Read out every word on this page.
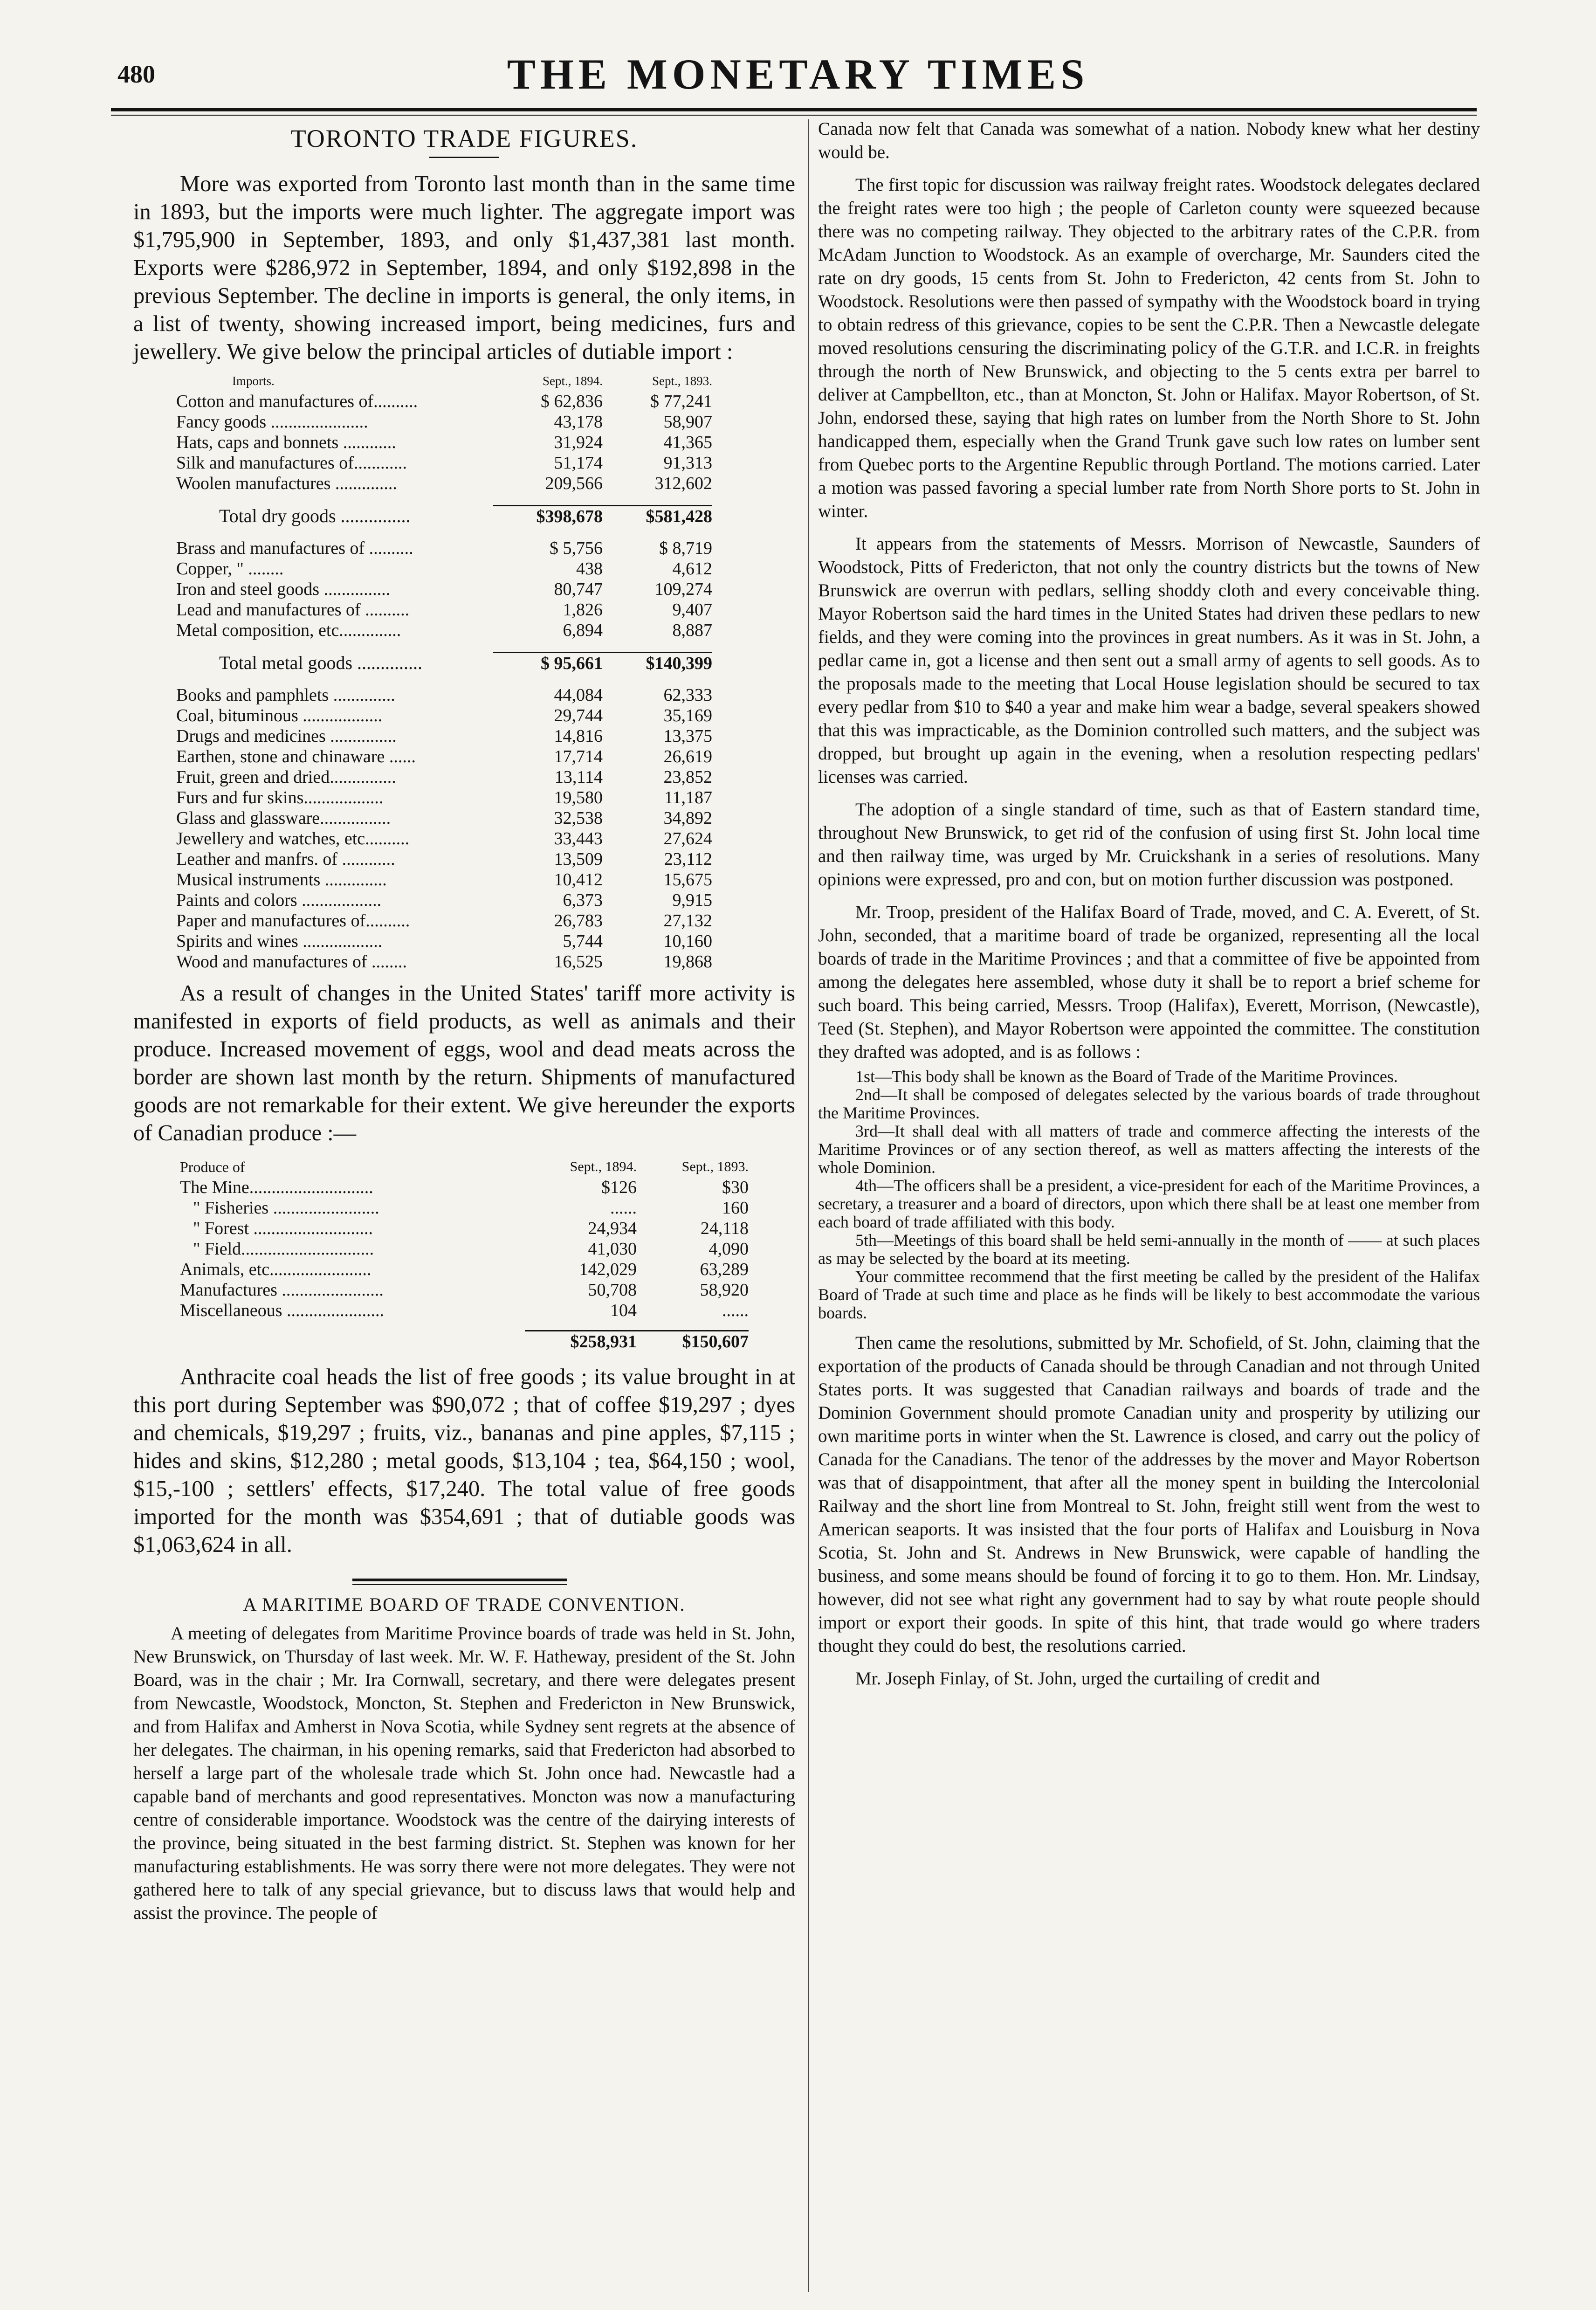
480	THE MONETARY TIMES
TORONTO TRADE FIGURES.

More was exported from Toronto last month than in the same time in 1893, but the imports were much lighter. The aggregate import was $1,795,900 in September, 1893, and only $1,437,381 last month. Exports were $286,972 in September, 1894, and only $192,898 in the previous September. The decline in imports is general, the only items, in a list of twenty, showing increased import, being medicines, furs and jewellery. We give below the principal articles of dutiable import :

Imports.	Sept., 1894.	Sept., 1893.
Cotton and manufactures of..........	$ 62,836	$ 77,241
Fancy goods ......................	43,178	58,907
Hats, caps and bonnets ............	31,924	41,365
Silk and manufactures of............	51,174	91,313
Woolen manufactures ..............	209,566	312,602

Total dry goods ...............	$398,678	$581,428

Brass and manufactures of ..........	$ 5,756	$ 8,719
Copper, " ........	438	4,612
Iron and steel goods ...............	80,747	109,274
Lead and manufactures of ..........	1,826	9,407
Metal composition, etc..............	6,894	8,887

Total metal goods ..............	$ 95,661	$140,399

Books and pamphlets ..............	44,084	62,333
Coal, bituminous ..................	29,744	35,169
Drugs and medicines ...............	14,816	13,375
Earthen, stone and chinaware ......	17,714	26,619
Fruit, green and dried...............	13,114	23,852
Furs and fur skins..................	19,580	11,187
Glass and glassware................	32,538	34,892
Jewellery and watches, etc..........	33,443	27,624
Leather and manfrs. of ............	13,509	23,112
Musical instruments ..............	10,412	15,675
Paints and colors ..................	6,373	9,915
Paper and manufactures of..........	26,783	27,132
Spirits and wines ..................	5,744	10,160
Wood and manufactures of ........	16,525	19,868

As a result of changes in the United States' tariff more activity is manifested in exports of field products, as well as animals and their produce. Increased movement of eggs, wool and dead meats across the border are shown last month by the return. Shipments of manufactured goods are not remarkable for their extent. We give hereunder the exports of Canadian produce :—

Produce of	Sept., 1894.	Sept., 1893.
The Mine............................	$126	$30
" Fisheries ........................	......	160
" Forest ...........................	24,934	24,118
" Field..............................	41,030	4,090
Animals, etc.......................	142,029	63,289
Manufactures .......................	50,708	58,920
Miscellaneous ......................	104	......

	$258,931	$150,607

Anthracite coal heads the list of free goods ; its value brought in at this port during September was $90,072 ; that of coffee $19,297 ; dyes and chemicals, $19,297 ; fruits, viz., bananas and pine apples, $7,115 ; hides and skins, $12,280 ; metal goods, $13,104 ; tea, $64,150 ; wool, $15,-100 ; settlers' effects, $17,240. The total value of free goods imported for the month was $354,691 ; that of dutiable goods was $1,063,624 in all.

A MARITIME BOARD OF TRADE CONVENTION.

A meeting of delegates from Maritime Province boards of trade was held in St. John, New Brunswick, on Thursday of last week. Mr. W. F. Hatheway, president of the St. John Board, was in the chair ; Mr. Ira Cornwall, secretary, and there were delegates present from Newcastle, Woodstock, Moncton, St. Stephen and Fredericton in New Brunswick, and from Halifax and Amherst in Nova Scotia, while Sydney sent regrets at the absence of her delegates. The chairman, in his opening remarks, said that Fredericton had absorbed to herself a large part of the wholesale trade which St. John once had. Newcastle had a capable band of merchants and good representatives. Moncton was now a manufacturing centre of considerable importance. Woodstock was the centre of the dairying interests of the province, being situated in the best farming district. St. Stephen was known for her manufacturing establishments. He was sorry there were not more delegates. They were not gathered here to talk of any special grievance, but to discuss laws that would help and assist the province. The people of

Canada now felt that Canada was somewhat of a nation. Nobody knew what her destiny would be.

The first topic for discussion was railway freight rates. Woodstock delegates declared the freight rates were too high ; the people of Carleton county were squeezed because there was no competing railway. They objected to the arbitrary rates of the C.P.R. from McAdam Junction to Woodstock. As an example of overcharge, Mr. Saunders cited the rate on dry goods, 15 cents from St. John to Fredericton, 42 cents from St. John to Woodstock. Resolutions were then passed of sympathy with the Woodstock board in trying to obtain redress of this grievance, copies to be sent the C.P.R. Then a Newcastle delegate moved resolutions censuring the discriminating policy of the G.T.R. and I.C.R. in freights through the north of New Brunswick, and objecting to the 5 cents extra per barrel to deliver at Campbellton, etc., than at Moncton, St. John or Halifax. Mayor Robertson, of St. John, endorsed these, saying that high rates on lumber from the North Shore to St. John handicapped them, especially when the Grand Trunk gave such low rates on lumber sent from Quebec ports to the Argentine Republic through Portland. The motions carried. Later a motion was passed favoring a special lumber rate from North Shore ports to St. John in winter.

It appears from the statements of Messrs. Morrison of Newcastle, Saunders of Woodstock, Pitts of Fredericton, that not only the country districts but the towns of New Brunswick are overrun with pedlars, selling shoddy cloth and every conceivable thing. Mayor Robertson said the hard times in the United States had driven these pedlars to new fields, and they were coming into the provinces in great numbers. As it was in St. John, a pedlar came in, got a license and then sent out a small army of agents to sell goods. As to the proposals made to the meeting that Local House legislation should be secured to tax every pedlar from $10 to $40 a year and make him wear a badge, several speakers showed that this was impracticable, as the Dominion controlled such matters, and the subject was dropped, but brought up again in the evening, when a resolution respecting pedlars' licenses was carried.

The adoption of a single standard of time, such as that of Eastern standard time, throughout New Brunswick, to get rid of the confusion of using first St. John local time and then railway time, was urged by Mr. Cruickshank in a series of resolutions. Many opinions were expressed, pro and con, but on motion further discussion was postponed.

Mr. Troop, president of the Halifax Board of Trade, moved, and C. A. Everett, of St. John, seconded, that a maritime board of trade be organized, representing all the local boards of trade in the Maritime Provinces ; and that a committee of five be appointed from among the delegates here assembled, whose duty it shall be to report a brief scheme for such board. This being carried, Messrs. Troop (Halifax), Everett, Morrison, (Newcastle), Teed (St. Stephen), and Mayor Robertson were appointed the committee. The constitution they drafted was adopted, and is as follows :

1st—This body shall be known as the Board of Trade of the Maritime Provinces.

2nd—It shall be composed of delegates selected by the various boards of trade throughout the Maritime Provinces.

3rd—It shall deal with all matters of trade and commerce affecting the interests of the Maritime Provinces or of any section thereof, as well as matters affecting the interests of the whole Dominion.

4th—The officers shall be a president, a vice-president for each of the Maritime Provinces, a secretary, a treasurer and a board of directors, upon which there shall be at least one member from each board of trade affiliated with this body.

5th—Meetings of this board shall be held semi-annually in the month of —— at such places as may be selected by the board at its meeting.

Your committee recommend that the first meeting be called by the president of the Halifax Board of Trade at such time and place as he finds will be likely to best accommodate the various boards.

Then came the resolutions, submitted by Mr. Schofield, of St. John, claiming that the exportation of the products of Canada should be through Canadian and not through United States ports. It was suggested that Canadian railways and boards of trade and the Dominion Government should promote Canadian unity and prosperity by utilizing our own maritime ports in winter when the St. Lawrence is closed, and carry out the policy of Canada for the Canadians. The tenor of the addresses by the mover and Mayor Robertson was that of disappointment, that after all the money spent in building the Intercolonial Railway and the short line from Montreal to St. John, freight still went from the west to American seaports. It was insisted that the four ports of Halifax and Louisburg in Nova Scotia, St. John and St. Andrews in New Brunswick, were capable of handling the business, and some means should be found of forcing it to go to them. Hon. Mr. Lindsay, however, did not see what right any government had to say by what route people should import or export their goods. In spite of this hint, that trade would go where traders thought they could do best, the resolutions carried.

Mr. Joseph Finlay, of St. John, urged the curtailing of credit and
